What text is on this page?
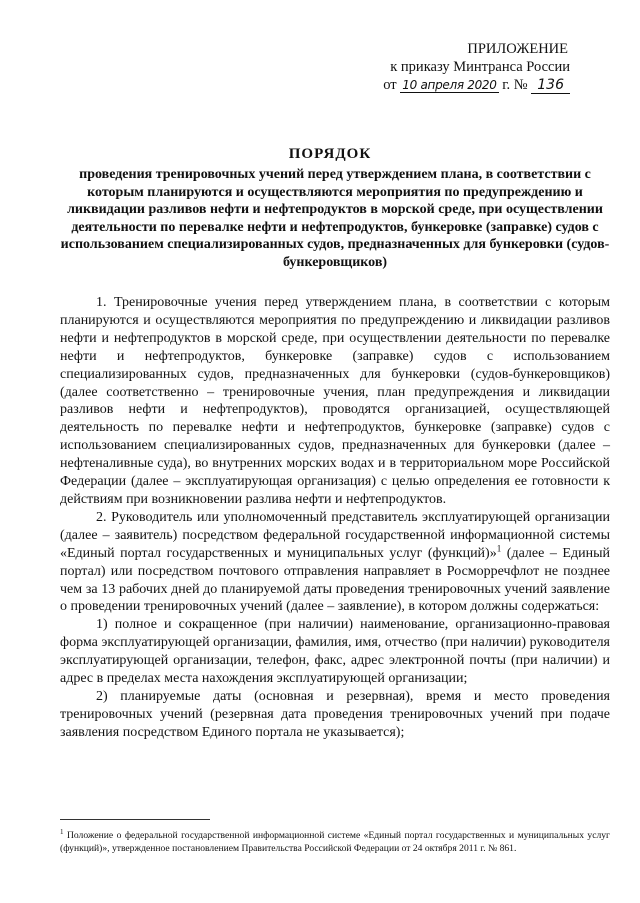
ПРИЛОЖЕНИЕ
к приказу Минтранса России
от 10 апреля 2020 г. № 136
ПОРЯДОК
проведения тренировочных учений перед утверждением плана, в соответствии с которым планируются и осуществляются мероприятия по предупреждению и ликвидации разливов нефти и нефтепродуктов в морской среде, при осуществлении деятельности по перевалке нефти и нефтепродуктов, бункеровке (заправке) судов с использованием специализированных судов, предназначенных для бункеровки (судов-бункеровщиков)

1. Тренировочные учения перед утверждением плана, в соответствии с которым планируются и осуществляются мероприятия по предупреждению и ликвидации разливов нефти и нефтепродуктов в морской среде, при осуществлении деятельности по перевалке нефти и нефтепродуктов, бункеровке (заправке) судов с использованием специализированных судов, предназначенных для бункеровки (судов-бункеровщиков) (далее соответственно – тренировочные учения, план предупреждения и ликвидации разливов нефти и нефтепродуктов), проводятся организацией, осуществляющей деятельность по перевалке нефти и нефтепродуктов, бункеровке (заправке) судов с использованием специализированных судов, предназначенных для бункеровки (далее – нефтеналивные суда), во внутренних морских водах и в территориальном море Российской Федерации (далее – эксплуатирующая организация) с целью определения ее готовности к действиям при возникновении разлива нефти и нефтепродуктов.

2. Руководитель или уполномоченный представитель эксплуатирующей организации (далее – заявитель) посредством федеральной государственной информационной системы «Единый портал государственных и муниципальных услуг (функций)»$^1$ (далее – Единый портал) или посредством почтового отправления направляет в Росморречфлот не позднее чем за 13 рабочих дней до планируемой даты проведения тренировочных учений заявление о проведении тренировочных учений (далее – заявление), в котором должны содержаться:

1) полное и сокращенное (при наличии) наименование, организационно-правовая форма эксплуатирующей организации, фамилия, имя, отчество (при наличии) руководителя эксплуатирующей организации, телефон, факс, адрес электронной почты (при наличии) и адрес в пределах места нахождения эксплуатирующей организации;

2) планируемые даты (основная и резервная), время и место проведения тренировочных учений (резервная дата проведения тренировочных учений при подаче заявления посредством Единого портала не указывается);

$^1$ Положение о федеральной государственной информационной системе «Единый портал государственных и муниципальных услуг (функций)», утвержденное постановлением Правительства Российской Федерации от 24 октября 2011 г. № 861.
